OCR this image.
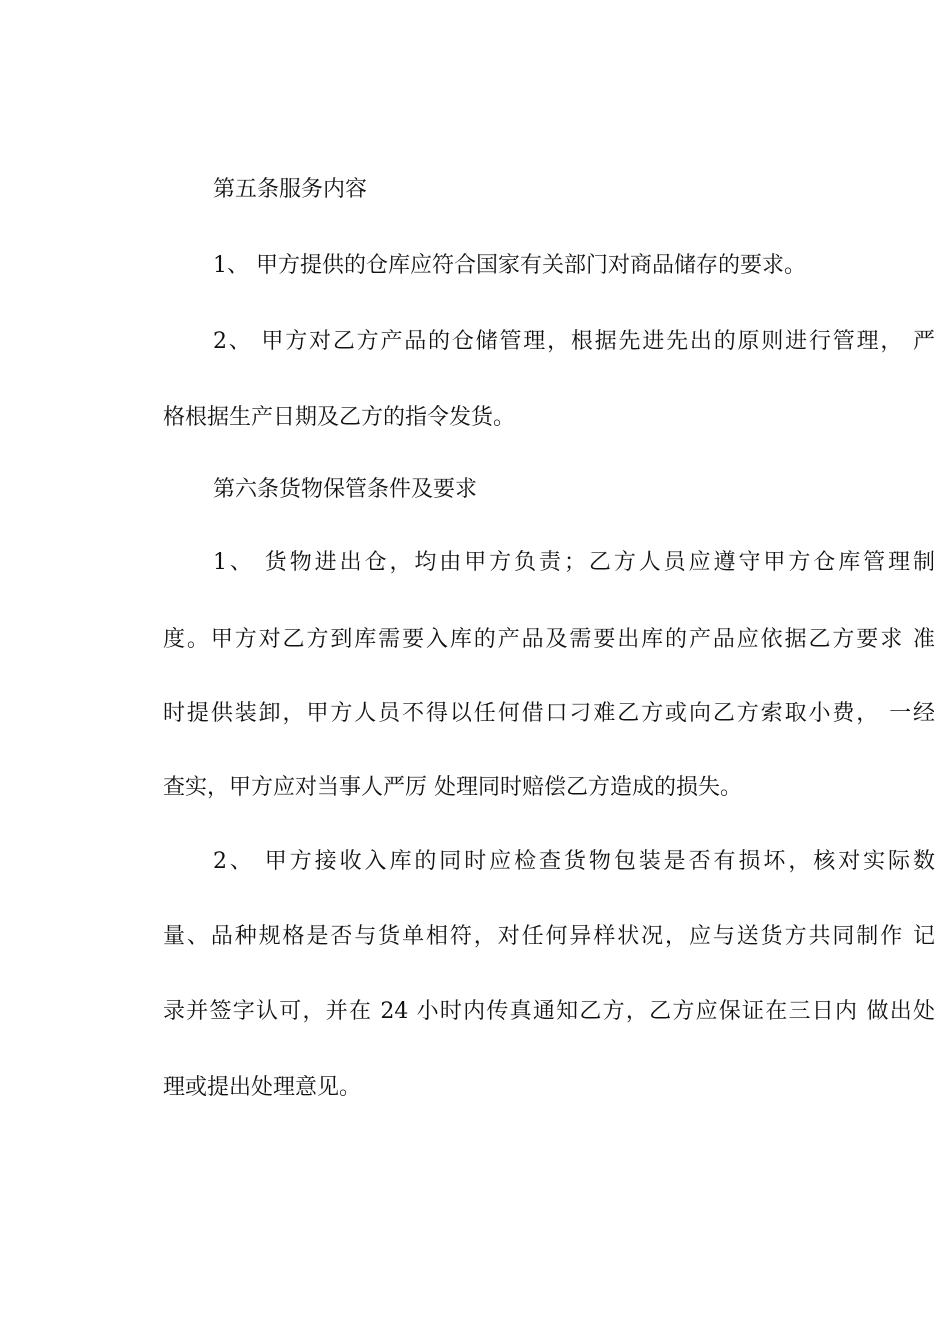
第五条服务内容
1、 甲方提供的仓库应符合国家有关部门对商品储存的要求。
2、 甲方对乙方产品的仓储管理，根据先进先出的原则进行管理， 严
格根据生产日期及乙方的指令发货。
第六条货物保管条件及要求
1、 货物进出仓，均由甲方负责；乙方人员应遵守甲方仓库管理制
度。甲方对乙方到库需要入库的产品及需要出库的产品应依据乙方要求 准
时提供装卸，甲方人员不得以任何借口刁难乙方或向乙方索取小费， 一经
查实，甲方应对当事人严厉 处理同时赔偿乙方造成的损失。
2、 甲方接收入库的同时应检查货物包装是否有损坏，核对实际数
量、品种规格是否与货单相符，对任何异样状况，应与送货方共同制作 记
录并签字认可，并在 24 小时内传真通知乙方，乙方应保证在三日内 做出处
理或提出处理意见。
